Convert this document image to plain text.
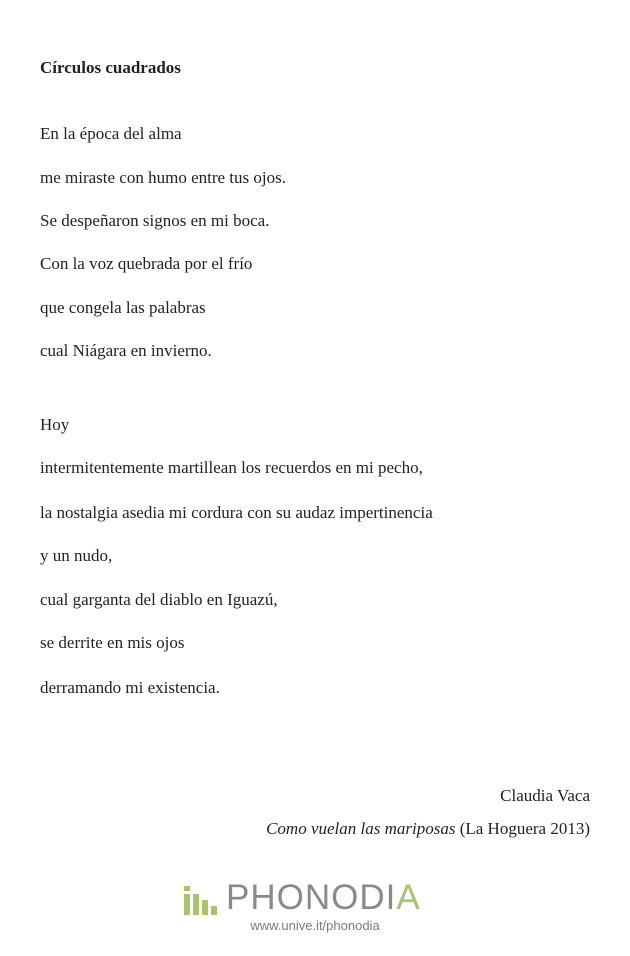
Círculos cuadrados
En la época del alma
me miraste con humo entre tus ojos.
Se despeñaron signos en mi boca.
Con la voz quebrada por el frío
que congela las palabras
cual Niágara en invierno.
Hoy
intermitentemente martillean los recuerdos en mi pecho,
la nostalgia asedia mi cordura con su audaz impertinencia
y un nudo,
cual garganta del diablo en Iguazú,
se derrite en mis ojos
derramando mi existencia.
Claudia Vaca
Como vuelan las mariposas (La Hoguera 2013)
PHONODIA
www.unive.it/phonodia
